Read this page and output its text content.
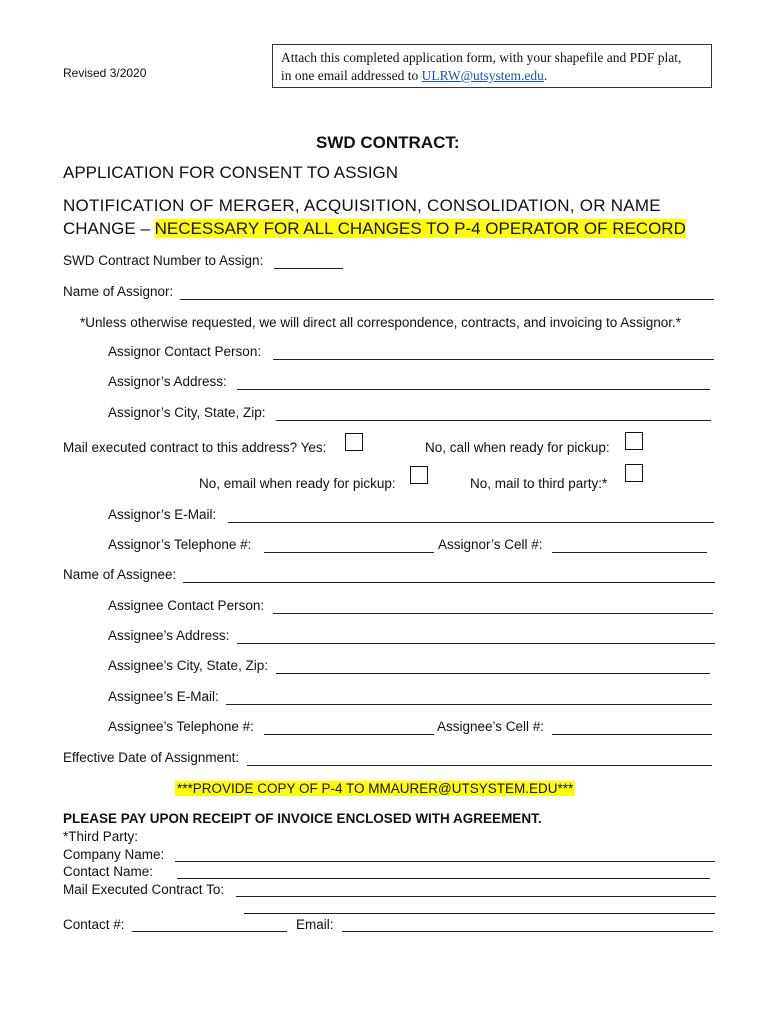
Revised 3/2020
Attach this completed application form, with your shapefile and PDF plat,
in one email addressed to ULRW@utsystem.edu.
SWD CONTRACT:
APPLICATION FOR CONSENT TO ASSIGN
NOTIFICATION OF MERGER, ACQUISITION, CONSOLIDATION, OR NAME
CHANGE – NECESSARY FOR ALL CHANGES TO P-4 OPERATOR OF RECORD
SWD Contract Number to Assign:
Name of Assignor:
*Unless otherwise requested, we will direct all correspondence, contracts, and invoicing to Assignor.*
Assignor Contact Person:
Assignor’s Address:
Assignor’s City, State, Zip:
Mail executed contract to this address? Yes:	No, call when ready for pickup:
No, email when ready for pickup:	No, mail to third party:*
Assignor’s E-Mail:
Assignor’s Telephone #:	Assignor’s Cell #:
Name of Assignee:
Assignee Contact Person:
Assignee’s Address:
Assignee’s City, State, Zip:
Assignee’s E-Mail:
Assignee’s Telephone #:	Assignee’s Cell #:
Effective Date of Assignment:
***PROVIDE COPY OF P-4 TO MMAURER@UTSYSTEM.EDU***
PLEASE PAY UPON RECEIPT OF INVOICE ENCLOSED WITH AGREEMENT.
*Third Party:
Company Name:
Contact Name:
Mail Executed Contract To:
Contact #:	Email:
